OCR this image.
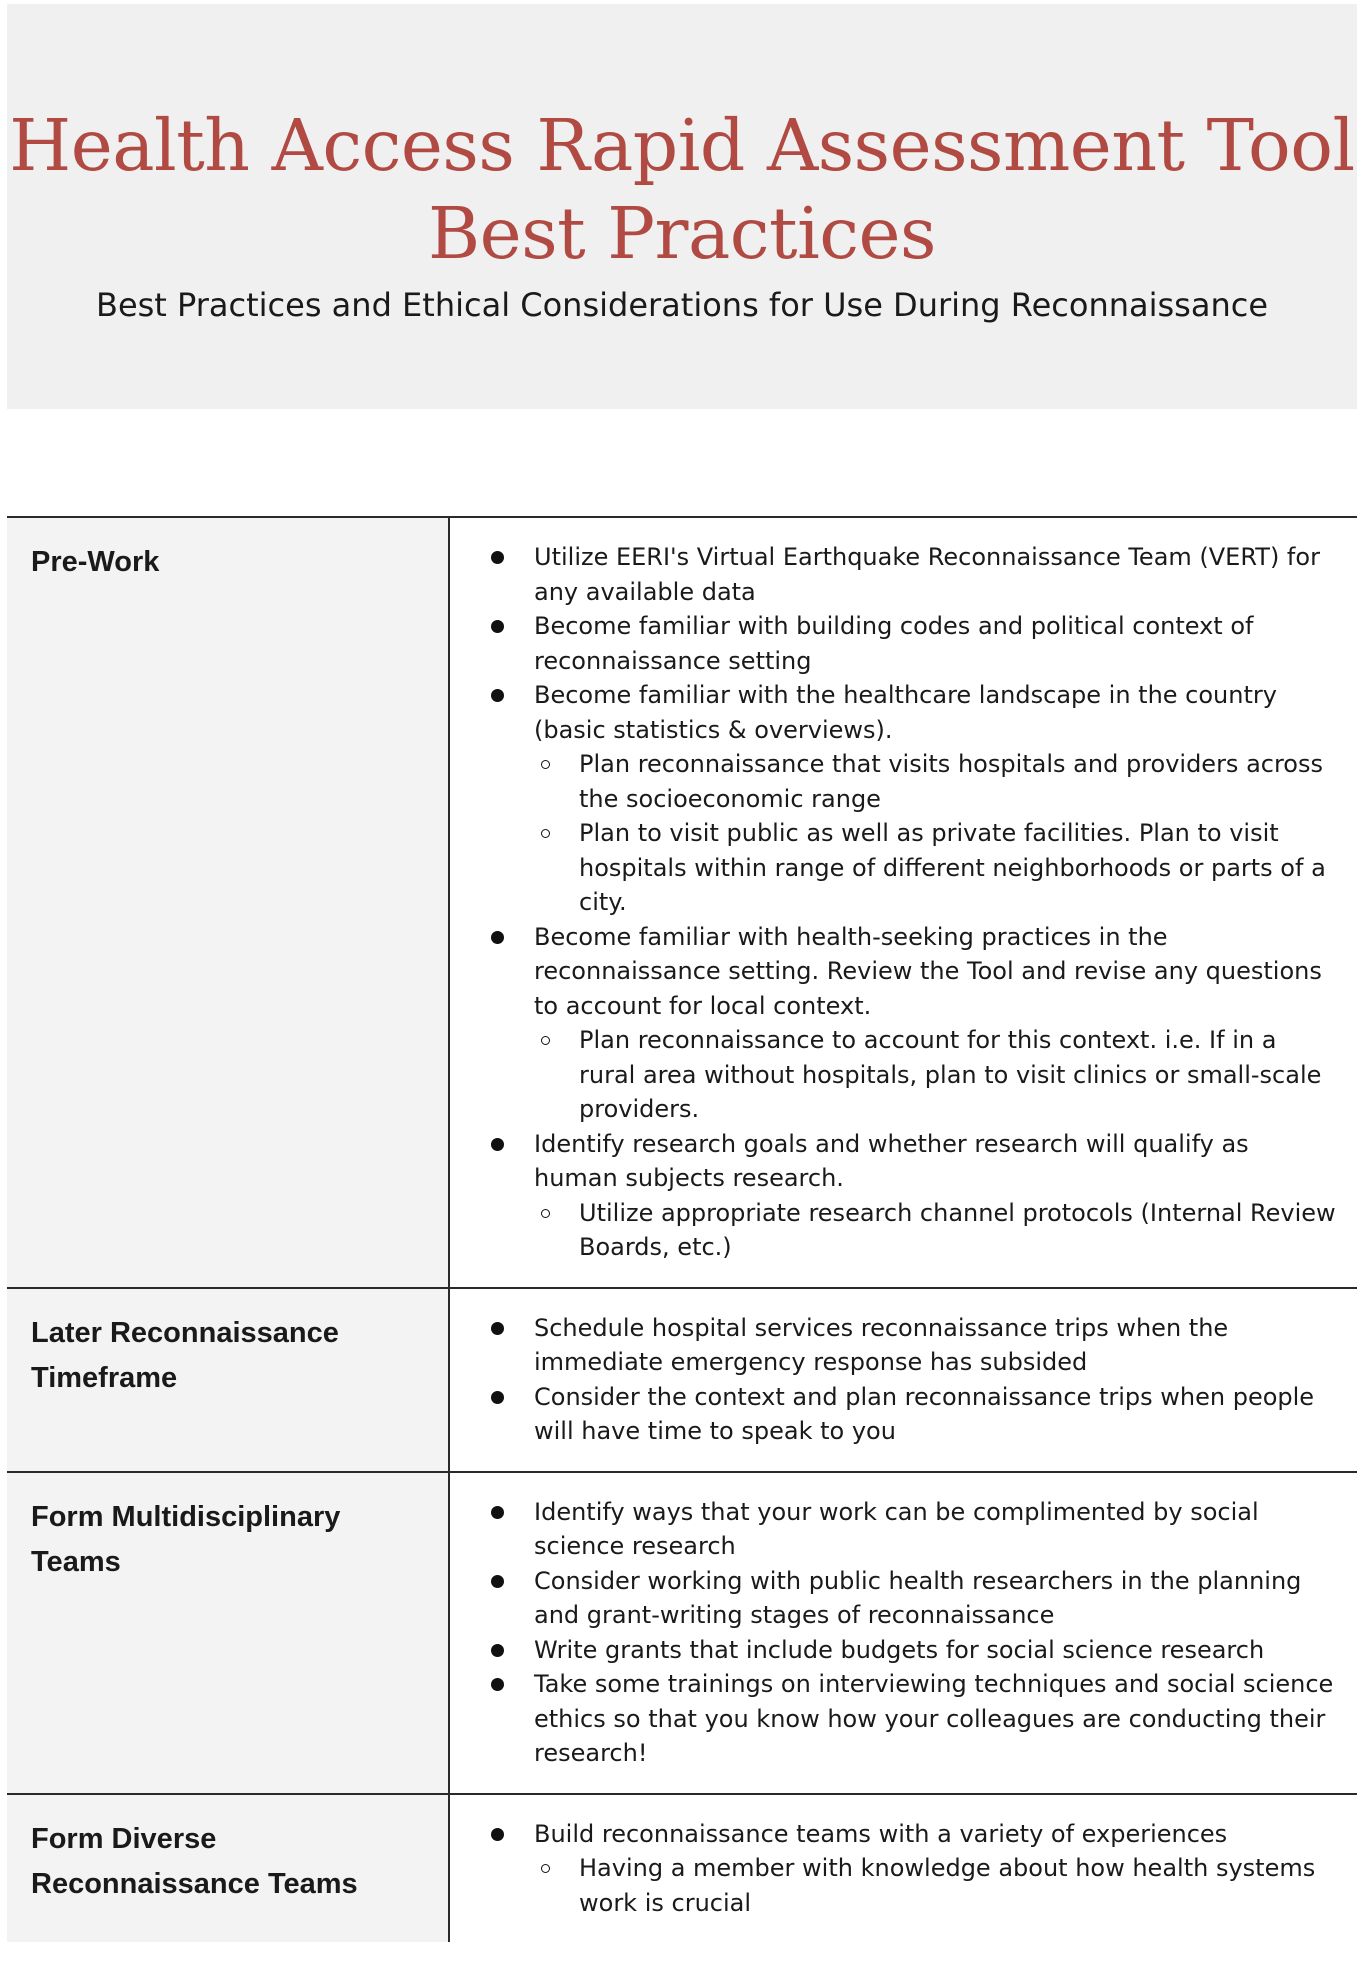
Health Access Rapid Assessment Tool
Best Practices

Best Practices and Ethical Considerations for Use During Reconnaissance

Pre-Work	Utilize EERI's Virtual Earthquake Reconnaissance Team (VERT) for any available data
Become familiar with building codes and political context of reconnaissance setting
Become familiar with the healthcare landscape in the country (basic statistics & overviews).
Plan reconnaissance that visits hospitals and providers across the socioeconomic range
Plan to visit public as well as private facilities. Plan to visit hospitals within range of different neighborhoods or parts of a city.
Become familiar with health-seeking practices in the reconnaissance setting. Review the Tool and revise any questions to account for local context.
Plan reconnaissance to account for this context. i.e. If in a rural area without hospitals, plan to visit clinics or small-scale providers.
Identify research goals and whether research will qualify as human subjects research.
Utilize appropriate research channel protocols (Internal Review Boards, etc.)
Later Reconnaissance Timeframe
Schedule hospital services reconnaissance trips when the immediate emergency response has subsided
Consider the context and plan reconnaissance trips when people will have time to speak to you
Form Multidisciplinary Teams
Identify ways that your work can be complimented by social science research
Consider working with public health researchers in the planning and grant-writing stages of reconnaissance
Write grants that include budgets for social science research
Take some trainings on interviewing techniques and social science ethics so that you know how your colleagues are conducting their research!
Form Diverse Reconnaissance Teams
Build reconnaissance teams with a variety of experiences
Having a member with knowledge about how health systems work is crucial
